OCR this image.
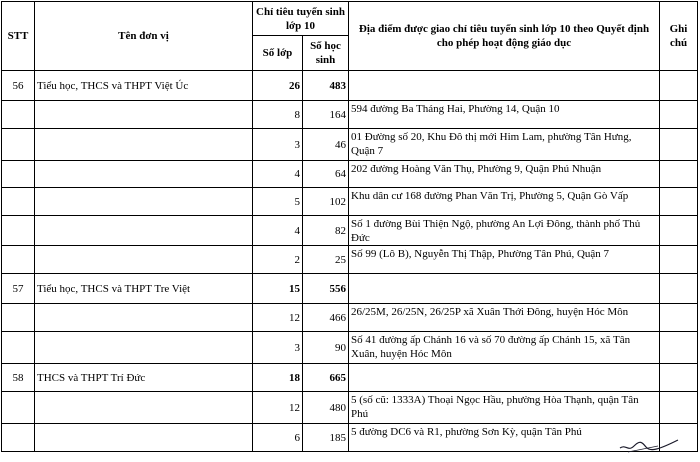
STT	Tên đơn vị	Chỉ tiêu tuyển sinh lớp 10		Địa điểm được giao chỉ tiêu tuyển sinh lớp 10 theo Quyết định cho phép hoạt động giáo dục	Ghi chú
		Số lớp	Số học sinh		
56	Tiểu học, THCS và THPT Việt Úc	26	483		
		8	164	594 đường Ba Tháng Hai, Phường 14, Quận 10	
		3	46	01 Đường số 20, Khu Đô thị mới Him Lam, phường Tân Hưng, Quận 7	
		4	64	202 đường Hoàng Văn Thụ, Phường 9, Quận Phú Nhuận	
		5	102	Khu dân cư 168 đường Phan Văn Trị, Phường 5, Quận Gò Vấp	
		4	82	Số 1 đường Bùi Thiện Ngộ, phường An Lợi Đông, thành phố Thủ Đức	
		2	25	Số 99 (Lô B), Nguyễn Thị Thập, Phường Tân Phú, Quận 7	
57	Tiểu học, THCS và THPT Tre Việt	15	556		
		12	466	26/25M, 26/25N, 26/25P xã Xuân Thới Đông, huyện Hóc Môn	
		3	90	Số 41 đường ấp Chánh 16 và số 70 đường ấp Chánh 15, xã Tân Xuân, huyện Hóc Môn	
58	THCS và THPT Trí Đức	18	665		
		12	480	5 (số cũ: 1333A) Thoại Ngọc Hầu, phường Hòa Thạnh, quận Tân Phú	
		6	185	5 đường DC6 và R1, phường Sơn Kỳ, quận Tân Phú	
